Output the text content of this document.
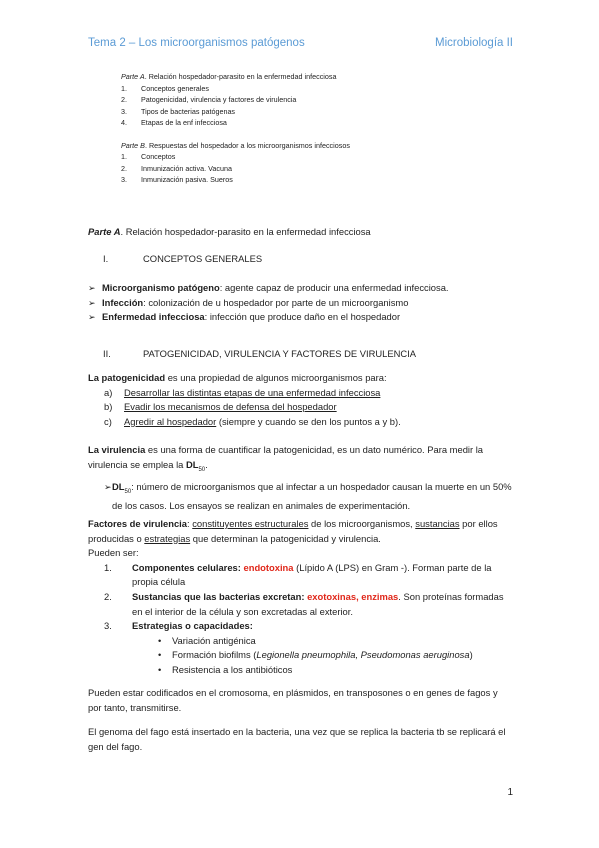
Tema 2 – Los microorganismos patógenos	Microbiología II
Parte A. Relación hospedador-parasito en la enfermedad infecciosa
1.	Conceptos generales
2.	Patogenicidad, virulencia y factores de virulencia
3.	Tipos de bacterias patógenas
4.	Etapas de la enf infecciosa
Parte B. Respuestas del hospedador a los microorganismos infecciosos
1.	Conceptos
2.	Inmunización activa. Vacuna
3.	Inmunización pasiva. Sueros
Parte A. Relación hospedador-parasito en la enfermedad infecciosa
I.	CONCEPTOS GENERALES
➢ Microorganismo patógeno: agente capaz de producir una enfermedad infecciosa.
➢ Infección: colonización de u hospedador por parte de un microorganismo
➢ Enfermedad infecciosa: infección que produce daño en el hospedador
II.	PATOGENICIDAD, VIRULENCIA Y FACTORES DE VIRULENCIA
La patogenicidad es una propiedad de algunos microorganismos para:
a)	Desarrollar las distintas etapas de una enfermedad infecciosa
b)	Evadir los mecanismos de defensa del hospedador
c)	Agredir al hospedador (siempre y cuando se den los puntos a y b).
La virulencia es una forma de cuantificar la patogenicidad, es un dato numérico. Para medir la virulencia se emplea la $DL_{50}$.
➢ $DL_{50}$: número de microorganismos que al infectar a un hospedador causan la muerte en un 50% de los casos. Los ensayos se realizan en animales de experimentación.
Factores de virulencia: constituyentes estructurales de los microorganismos, sustancias por ellos producidas o estrategias que determinan la patogenicidad y virulencia.
Pueden ser:
1.	Componentes celulares: endotoxina (Lípido A (LPS) en Gram -). Forman parte de la propia célula
2.	Sustancias que las bacterias excretan: exotoxinas, enzimas. Son proteínas formadas en el interior de la célula y son excretadas al exterior.
3.	Estrategias o capacidades:
•	Variación antigénica
•	Formación biofilms (Legionella pneumophila, Pseudomonas aeruginosa)
•	Resistencia a los antibióticos
Pueden estar codificados en el cromosoma, en plásmidos, en transposones o en genes de fagos y por tanto, transmitirse.
El genoma del fago está insertado en la bacteria, una vez que se replica la bacteria tb se replicará el gen del fago.
1
